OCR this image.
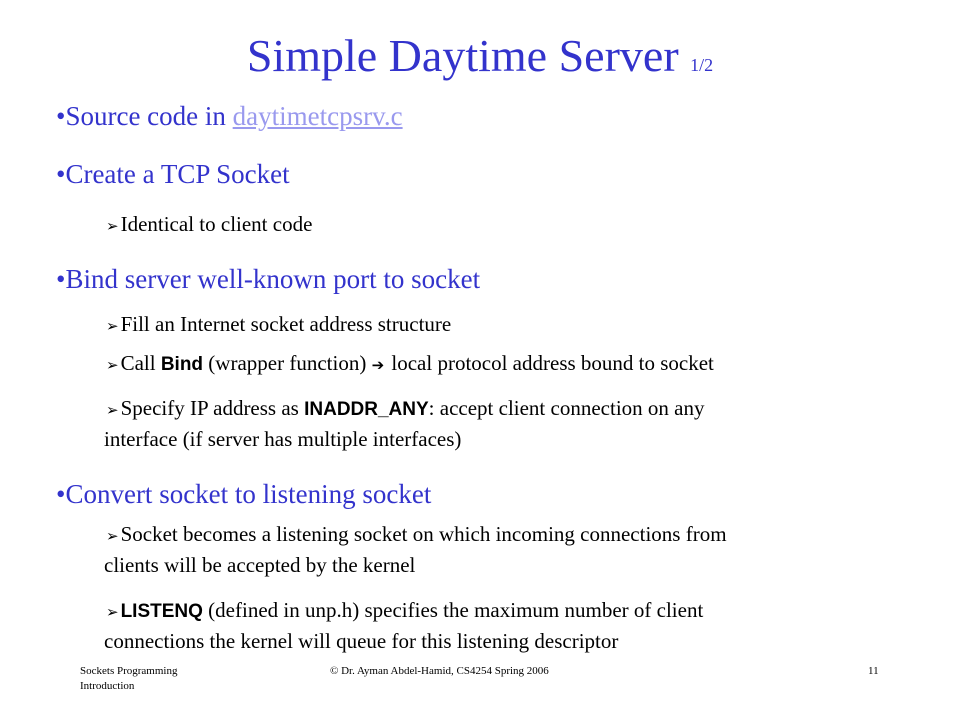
Simple Daytime Server 1/2
•Source code in daytimetcpsrv.c
•Create a TCP Socket
➢Identical to client code
•Bind server well-known port to socket
➢Fill an Internet socket address structure
➢Call Bind (wrapper function) ➔ local protocol address bound to socket
➢Specify IP address as INADDR_ANY: accept client connection on any
interface (if server has multiple interfaces)
•Convert socket to listening socket
➢Socket becomes a listening socket on which incoming connections from
clients will be accepted by the kernel
➢ LISTENQ (defined in unp.h) specifies the maximum number of client
connections the kernel will queue for this listening descriptor
Sockets Programming
Introduction
© Dr. Ayman Abdel-Hamid, CS4254 Spring 2006	11
